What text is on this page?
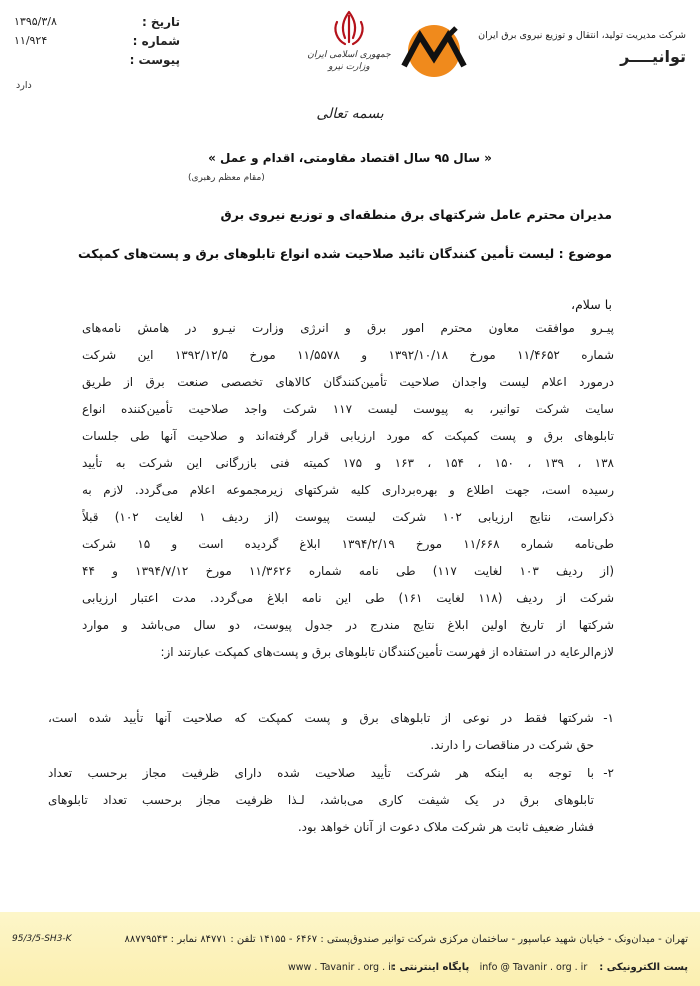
شرکت مدیریت تولید، انتقال و توزیع نیروی برق ایران
توانیــــر
جمهوری اسلامی ایران
وزارت نیرو
تاریخ :
۱۳۹۵/۳/۸
شماره :
۱۱/۹۲۴
پیوست :
دارد
بسمه تعالی
« سال ۹۵ سال اقتصاد مقاومتی، اقدام و عمل »
(مقام معظم رهبری)
مدیران محترم عامل شرکتهای برق منطقه‌ای و توزیع نیروی برق
موضوع : لیست تأمین کنندگان تائید صلاحیت شده انواع تابلوهای برق و پست‌های کمپکت
با سلام،
پیـرو موافقت معاون محترم امور برق و انرژی وزارت نیـرو در هامش نامه‌های
شماره ۱۱/۴۶۵۲ مورخ ۱۳۹۲/۱۰/۱۸ و ۱۱/۵۵۷۸ مورخ ۱۳۹۲/۱۲/۵ این شرکت
درمورد اعلام لیست واجدان صلاحیت تأمین‌کنندگان کالاهای تخصصی صنعت برق از طریق
سایت شرکت توانیر، به پیوست لیست ۱۱۷ شرکت واجد صلاحیت تأمین‌کننده انواع
تابلوهای برق و پست کمپکت که مورد ارزیابی قرار گرفته‌اند و صلاحیت آنها طی جلسات
۱۳۸ ، ۱۳۹ ، ۱۵۰ ، ۱۵۴ ، ۱۶۳ و ۱۷۵ کمیته فنی بازرگانی این شرکت به تأیید
رسیده است، جهت اطلاع و بهره‌برداری کلیه شرکتهای زیرمجموعه اعلام می‌گردد. لازم به
ذکراست، نتایج ارزیابی ۱۰۲ شرکت لیست پیوست (از ردیف ۱ لغایت ۱۰۲) قبلاً
طی‌نامه شماره ۱۱/۶۶۸ مورخ ۱۳۹۴/۲/۱۹ ابلاغ گردیده است و ۱۵ شرکت
(از ردیف ۱۰۳ لغایت ۱۱۷) طی نامه شماره ۱۱/۳۶۲۶ مورخ ۱۳۹۴/۷/۱۲ و ۴۴
شرکت از ردیف (۱۱۸ لغایت ۱۶۱) طی این نامه ابلاغ می‌گردد. مدت اعتبار ارزیابی
شرکتها از تاریخ اولین ابلاغ نتایج مندرج در جدول پیوست، دو سال می‌باشد و موارد
لازم‌الرعایه در استفاده از فهرست تأمین‌کنندگان تابلوهای برق و پست‌های کمپکت عبارتند از:
۱-
شرکتها فقط در نوعی از تابلوهای برق و پست کمپکت که صلاحیت آنها تأیید شده است،
حق شرکت در مناقصات را دارند.
۲-
با توجه به اینکه هر شرکت تأیید صلاحیت شده دارای ظرفیت مجاز برحسب تعداد
تابلوهای برق در یک شیفت کاری می‌باشد، لـذا ظرفیت مجاز برحسب تعداد تابلوهای
فشار ضعیف ثابت هر شرکت ملاک دعوت از آنان خواهد بود.
تهران - میدان‌ونک - خیابان شهید عباسپور - ساختمان مرکزی شرکت توانیر صندوق‌پستی : ۶۴۶۷ - ۱۴۱۵۵ تلفن : ۸۴۷۷۱ نمابر : ۸۸۷۷۹۵۴۳
95/3/5-SH3-K
پست الکترونیکی :
info @ Tavanir . org . ir
پایگاه اینترنتی :
www . Tavanir . org . ir
